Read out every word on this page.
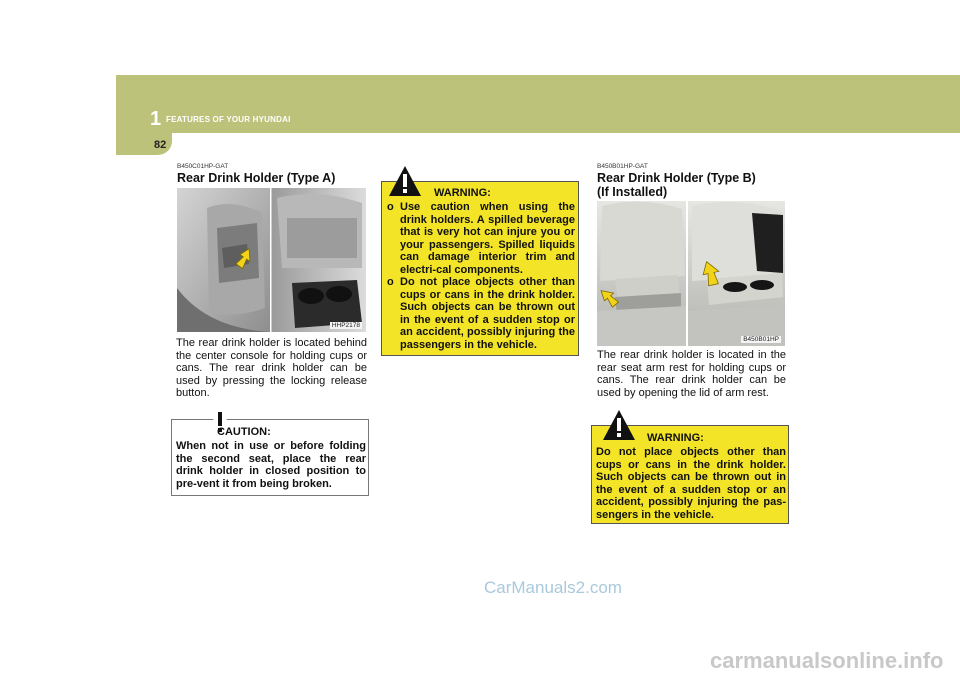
1 FEATURES OF YOUR HYUNDAI
82
B450C01HP-GAT
Rear Drink Holder (Type A)
HHP2178
The rear drink holder is located behind the center console for holding cups or cans. The rear drink holder can be used by pressing the locking release button.
CAUTION:
When not in use or before folding the second seat, place the rear drink holder in closed position to pre-vent it from being broken.
WARNING:
o Use caution when using the drink holders. A spilled beverage that is very hot can injure you or your passengers. Spilled liquids can damage interior trim and electri-cal components.
o Do not place objects other than cups or cans in the drink holder. Such objects can be thrown out in the event of a sudden stop or an accident, possibly injuring the passengers in the vehicle.
B450B01HP-GAT
Rear Drink Holder (Type B)
(If Installed)
B450B01HP
The rear drink holder is located in the rear seat arm rest for holding cups or cans. The rear drink holder can be used by opening the lid of arm rest.
WARNING:
Do not place objects other than cups or cans in the drink holder. Such objects can be thrown out in the event of a sudden stop or an accident, possibly injuring the pas-sengers in the vehicle.
CarManuals2.com
carmanualsonline.info
